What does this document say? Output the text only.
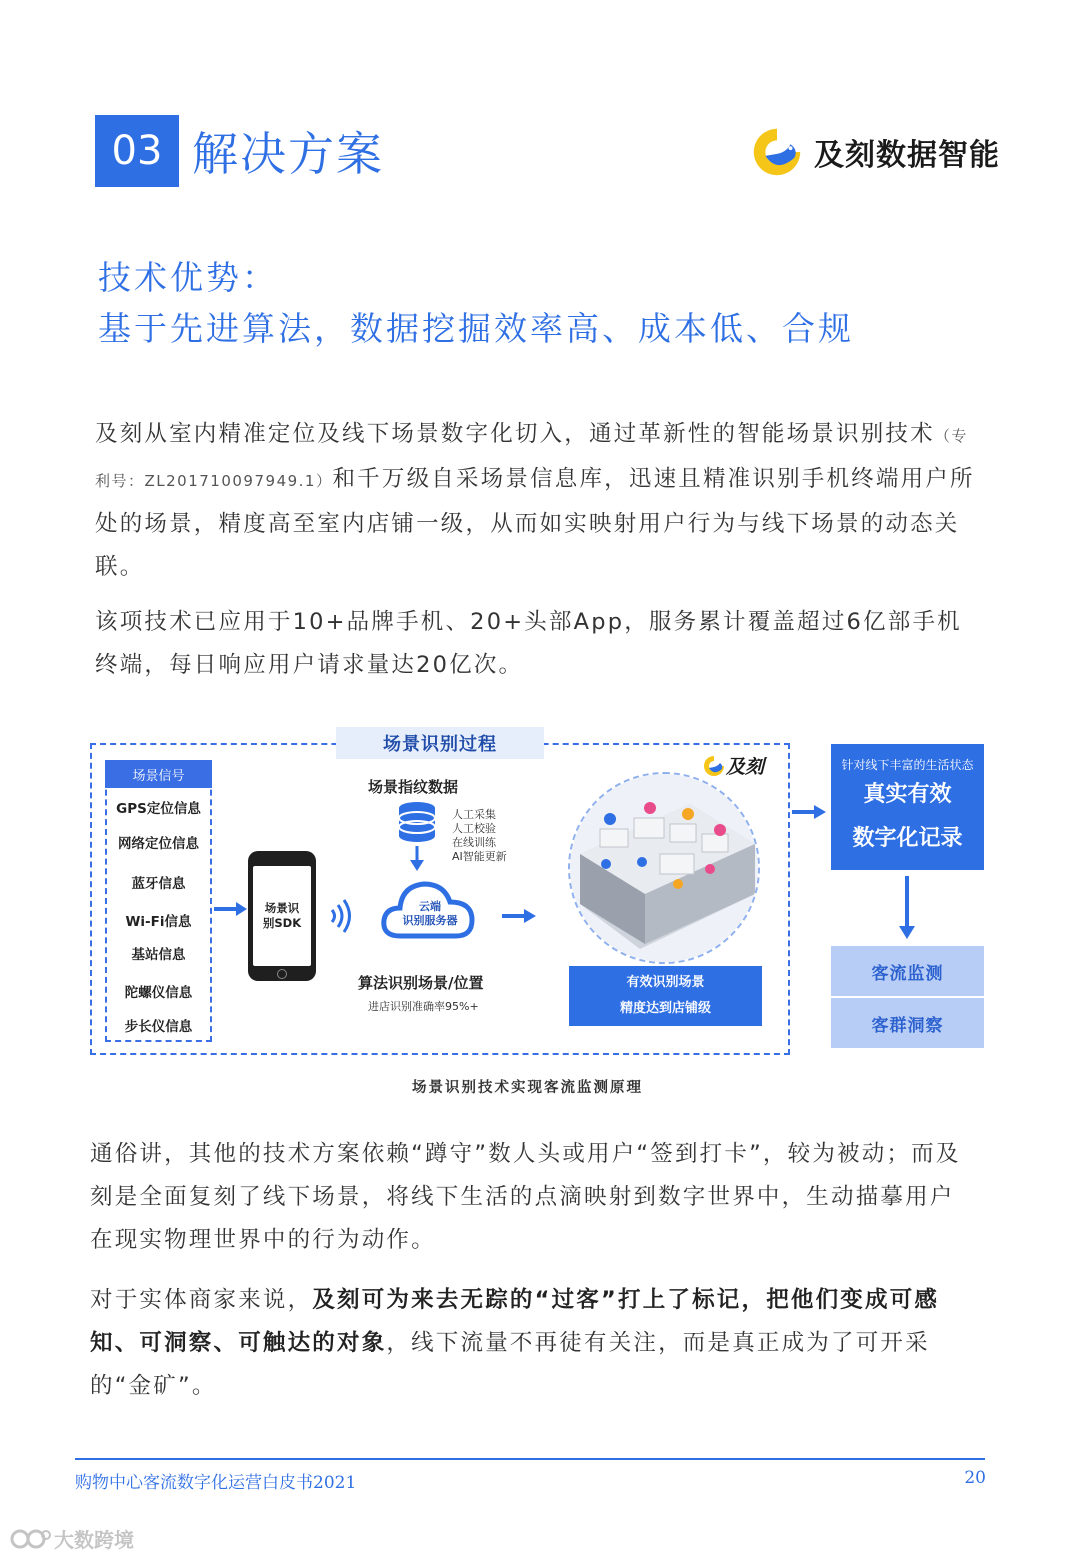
03 解决方案	及刻数据智能
技术优势：
基于先进算法，数据挖掘效率高、成本低、合规
及刻从室内精准定位及线下场景数字化切入，通过革新性的智能场景识别技术（专利号：ZL201710097949.1）和千万级自采场景信息库，迅速且精准识别手机终端用户所处的场景，精度高至室内店铺一级，从而如实映射用户行为与线下场景的动态关联。
该项技术已应用于10+品牌手机、20+头部App，服务累计覆盖超过6亿部手机终端，每日响应用户请求量达20亿次。
场景识别过程
场景信号
GPS定位信息
网络定位信息
蓝牙信息
Wi-Fi信息
基站信息
陀螺仪信息
步长仪信息
场景识
别SDK
场景指纹数据
人工采集
人工校验
在线训练
AI智能更新
云端
识别服务器
算法识别场景/位置
进店识别准确率95%+
及刻
有效识别场景
精度达到店铺级
针对线下丰富的生活状态
真实有效
数字化记录
客流监测
客群洞察
场景识别技术实现客流监测原理
通俗讲，其他的技术方案依赖“蹲守”数人头或用户“签到打卡”，较为被动；而及刻是全面复刻了线下场景，将线下生活的点滴映射到数字世界中，生动描摹用户在现实物理世界中的行为动作。
对于实体商家来说，及刻可为来去无踪的“过客”打上了标记，把他们变成可感知、可洞察、可触达的对象，线下流量不再徒有关注，而是真正成为了可开采的“金矿”。
购物中心客流数字化运营白皮书2021	20
大数跨境
